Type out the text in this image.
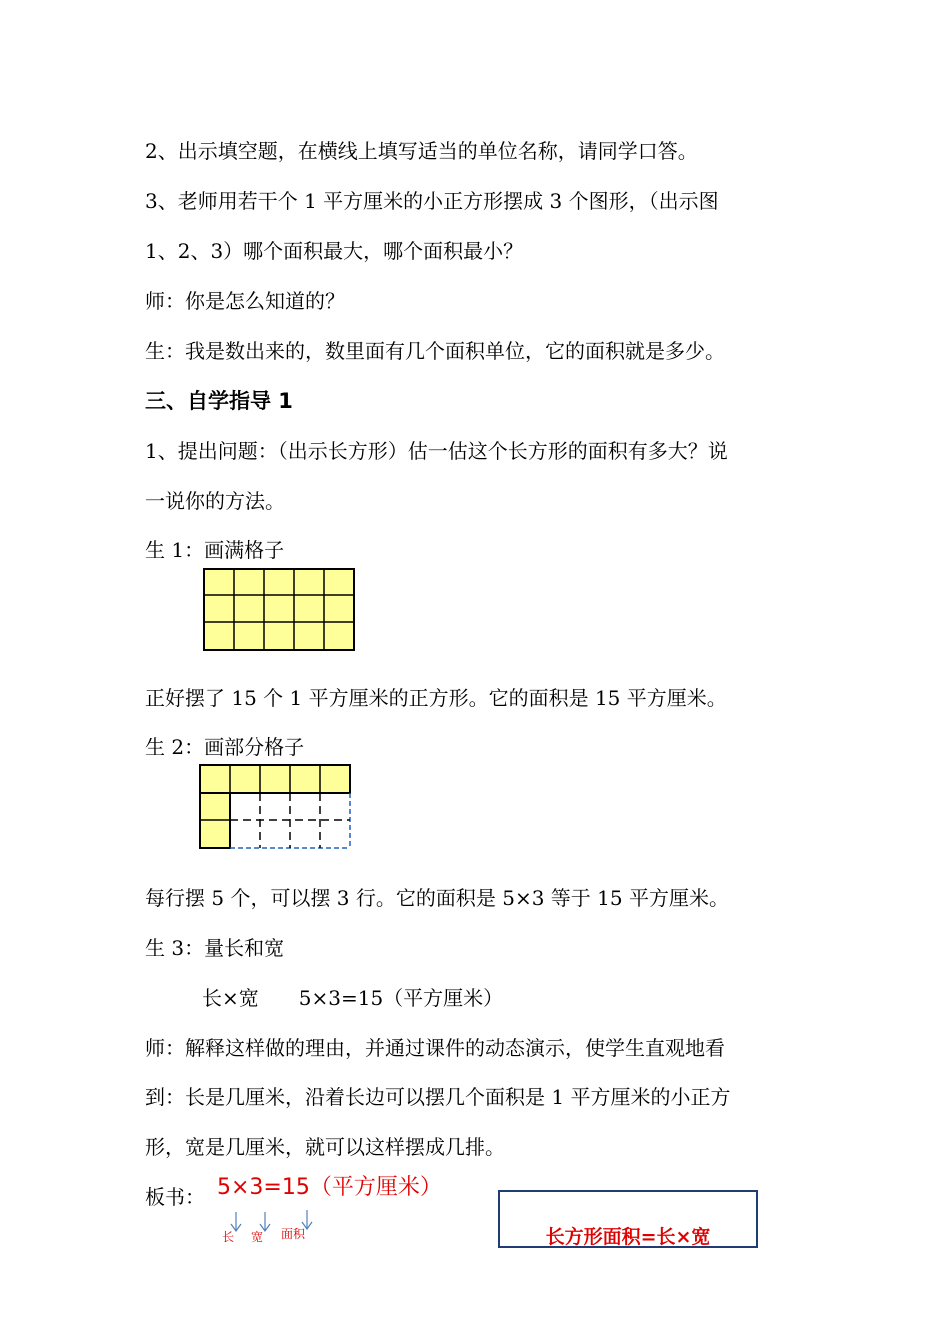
2、出示填空题，在横线上填写适当的单位名称，请同学口答。
3、老师用若干个 1 平方厘米的小正方形摆成 3 个图形，（出示图
1、2、3）哪个面积最大，哪个面积最小？
师：你是怎么知道的？
生：我是数出来的，数里面有几个面积单位，它的面积就是多少。
三、自学指导 1
1、提出问题：（出示长方形）估一估这个长方形的面积有多大？说
一说你的方法。
生 1：画满格子
正好摆了 15 个 1 平方厘米的正方形。它的面积是 15 平方厘米。
生 2：画部分格子
每行摆 5 个，可以摆 3 行。它的面积是 5×3 等于 15 平方厘米。
生 3：量长和宽
长×宽　　5×3=15（平方厘米）
师：解释这样做的理由，并通过课件的动态演示，使学生直观地看
到：长是几厘米，沿着长边可以摆几个面积是 1 平方厘米的小正方
形，宽是几厘米，就可以这样摆成几排。
板书： 5×3=15（平方厘米）
长 宽 面积	长方形面积=长×宽
